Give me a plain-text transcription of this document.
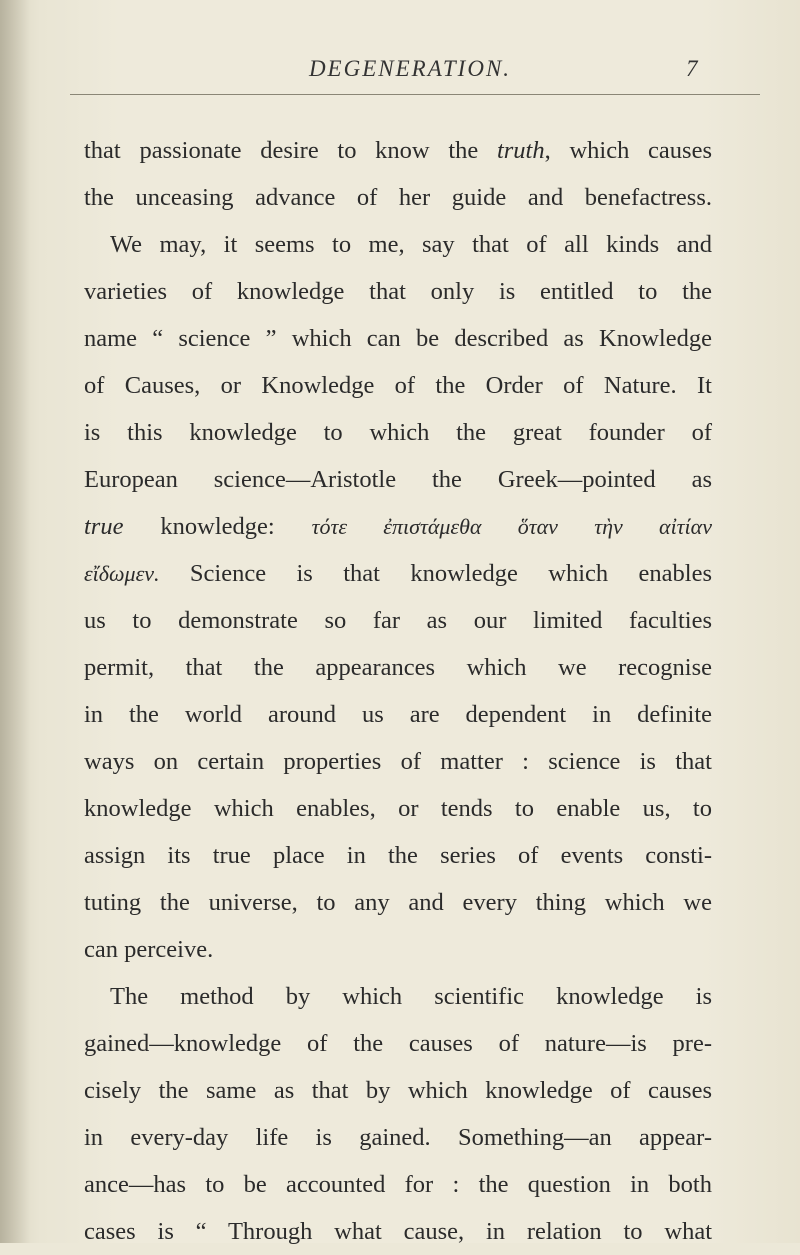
DEGENERATION.	7
that passionate desire to know the truth, which causes
the unceasing advance of her guide and benefactress.
We may, it seems to me, say that of all kinds and
varieties of knowledge that only is entitled to the
name “ science ” which can be described as Knowledge
of Causes, or Knowledge of the Order of Nature. It
is this knowledge to which the great founder of
European science—Aristotle the Greek—pointed as
true knowledge: τότε ἐπιστάμεθα ὅταν τὴν αἰτίαν
εἴδωμεν. Science is that knowledge which enables
us to demonstrate so far as our limited faculties
permit, that the appearances which we recognise
in the world around us are dependent in definite
ways on certain properties of matter : science is that
knowledge which enables, or tends to enable us, to
assign its true place in the series of events consti-
tuting the universe, to any and every thing which we
can perceive.
The method by which scientific knowledge is
gained—knowledge of the causes of nature—is pre-
cisely the same as that by which knowledge of causes
in every-day life is gained. Something—an appear-
ance—has to be accounted for : the question in both
cases is “ Through what cause, in relation to what
